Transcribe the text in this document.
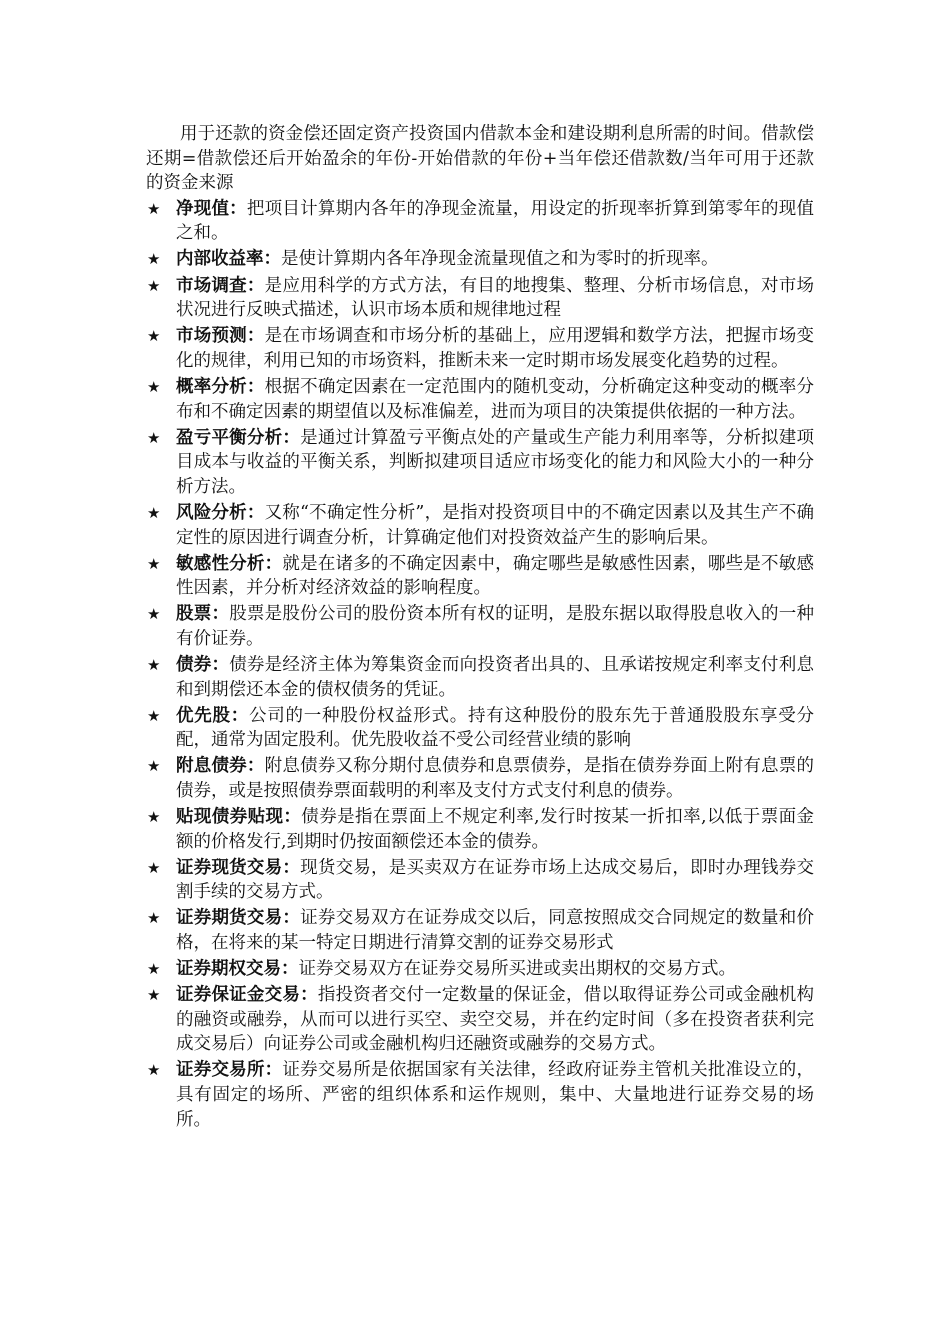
用于还款的资金偿还固定资产投资国内借款本金和建设期利息所需的时间。借款偿还期=借款偿还后开始盈余的年份-开始借款的年份+当年偿还借款数/当年可用于还款的资金来源

★ 净现值：把项目计算期内各年的净现金流量，用设定的折现率折算到第零年的现值之和。
★ 内部收益率：是使计算期内各年净现金流量现值之和为零时的折现率。
★ 市场调查：是应用科学的方式方法，有目的地搜集、整理、分析市场信息，对市场状况进行反映式描述，认识市场本质和规律地过程
★ 市场预测：是在市场调查和市场分析的基础上，应用逻辑和数学方法，把握市场变化的规律，利用已知的市场资料，推断未来一定时期市场发展变化趋势的过程。
★ 概率分析：根据不确定因素在一定范围内的随机变动，分析确定这种变动的概率分布和不确定因素的期望值以及标准偏差，进而为项目的决策提供依据的一种方法。
★ 盈亏平衡分析：是通过计算盈亏平衡点处的产量或生产能力利用率等，分析拟建项目成本与收益的平衡关系，判断拟建项目适应市场变化的能力和风险大小的一种分析方法。
★ 风险分析：又称“不确定性分析”，是指对投资项目中的不确定因素以及其生产不确定性的原因进行调查分析，计算确定他们对投资效益产生的影响后果。
★ 敏感性分析：就是在诸多的不确定因素中，确定哪些是敏感性因素，哪些是不敏感性因素，并分析对经济效益的影响程度。
★ 股票：股票是股份公司的股份资本所有权的证明，是股东据以取得股息收入的一种有价证券。
★ 债券：债券是经济主体为筹集资金而向投资者出具的、且承诺按规定利率支付利息和到期偿还本金的债权债务的凭证。
★ 优先股：公司的一种股份权益形式。持有这种股份的股东先于普通股股东享受分配，通常为固定股利。优先股收益不受公司经营业绩的影响
★ 附息债券：附息债券又称分期付息债券和息票债券，是指在债券券面上附有息票的债券，或是按照债券票面载明的利率及支付方式支付利息的债券。
★ 贴现债券贴现：债券是指在票面上不规定利率,发行时按某一折扣率,以低于票面金额的价格发行,到期时仍按面额偿还本金的债券。
★ 证券现货交易：现货交易，是买卖双方在证券市场上达成交易后，即时办理钱券交割手续的交易方式。
★ 证券期货交易：证券交易双方在证券成交以后，同意按照成交合同规定的数量和价格，在将来的某一特定日期进行清算交割的证券交易形式
★ 证券期权交易：证券交易双方在证券交易所买进或卖出期权的交易方式。
★ 证券保证金交易：指投资者交付一定数量的保证金，借以取得证券公司或金融机构的融资或融券，从而可以进行买空、卖空交易，并在约定时间（多在投资者获利完成交易后）向证券公司或金融机构归还融资或融券的交易方式。
★ 证券交易所：证券交易所是依据国家有关法律，经政府证券主管机关批准设立的，具有固定的场所、严密的组织体系和运作规则，集中、大量地进行证券交易的场所。
